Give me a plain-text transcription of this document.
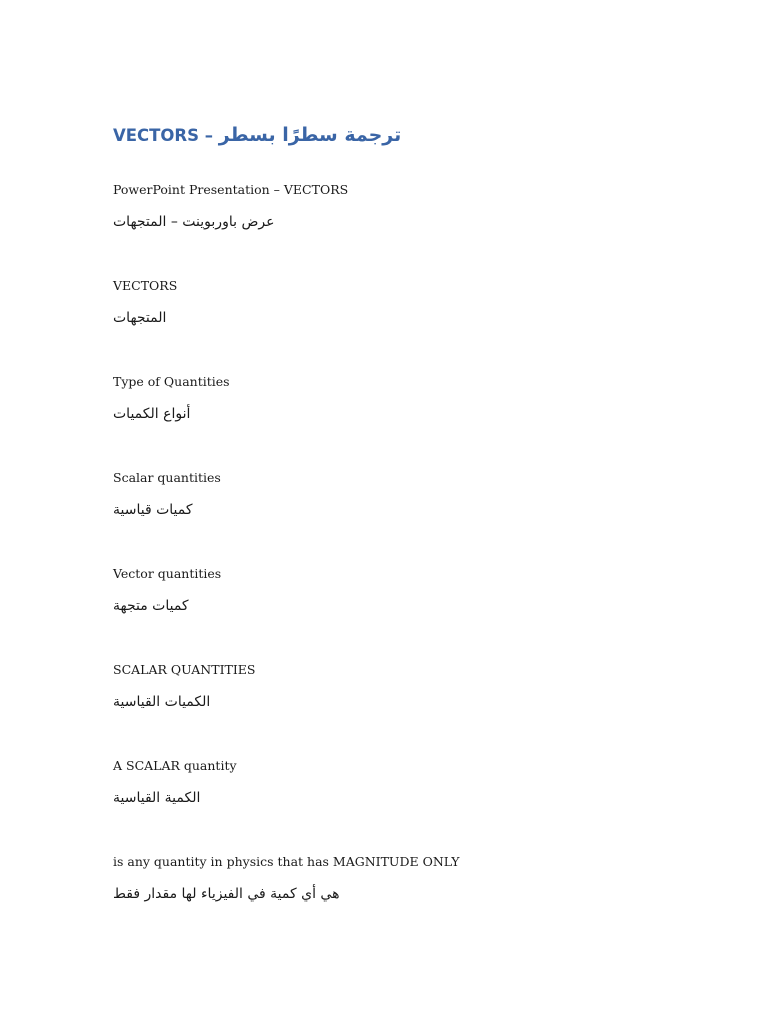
VECTORS – ترجمة سطرًا بسطر

PowerPoint Presentation – VECTORS

عرض باوربوينت – المتجهات

VECTORS

المتجهات

Type of Quantities

أنواع الكميات

Scalar quantities

كميات قياسية

Vector quantities

كميات متجهة

SCALAR QUANTITIES

الكميات القياسية

A SCALAR quantity

الكمية القياسية

is any quantity in physics that has MAGNITUDE ONLY

هي أي كمية في الفيزياء لها مقدار فقط
